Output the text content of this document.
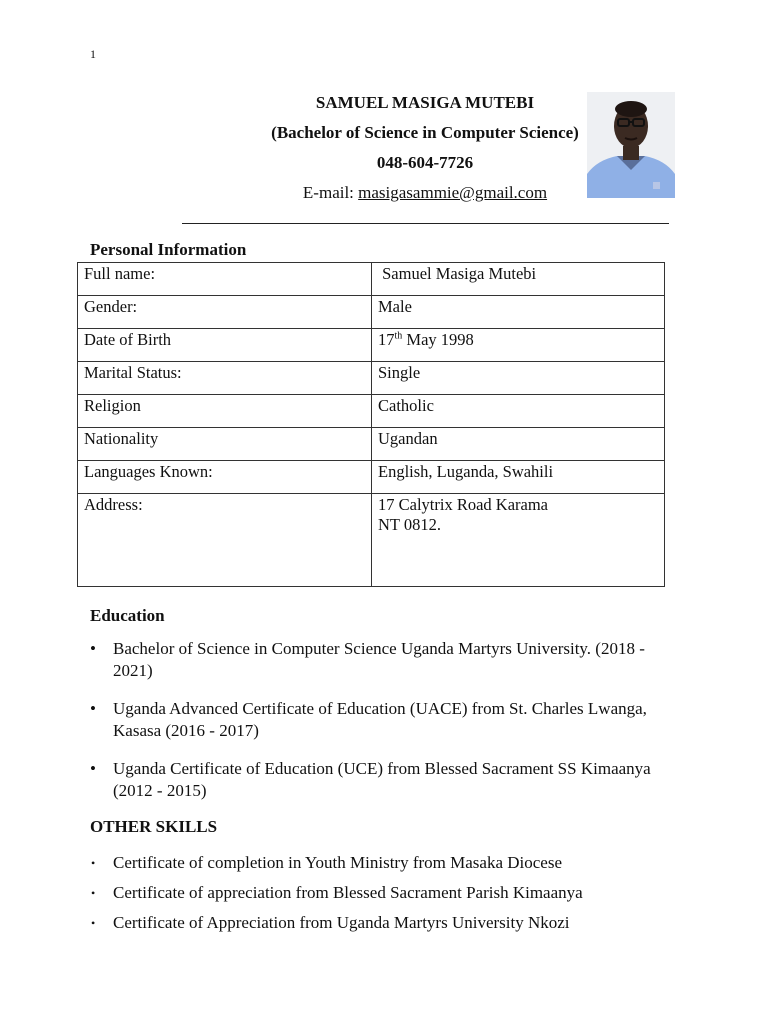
1
SAMUEL MASIGA MUTEBI
(Bachelor of Science in Computer Science)
048-604-7726
E-mail: masigasammie@gmail.com
Personal Information
Full name:	Samuel Masiga Mutebi
Gender:	Male
Date of Birth	17th May 1998
Marital Status:	Single
Religion	Catholic
Nationality	Ugandan
Languages Known:	English, Luganda, Swahili
Address:	17 Calytrix Road Karama
NT 0812.
Education
• Bachelor of Science in Computer Science Uganda Martyrs University. (2018 -
2021)
• Uganda Advanced Certificate of Education (UACE) from St. Charles Lwanga,
Kasasa (2016 - 2017)
• Uganda Certificate of Education (UCE) from Blessed Sacrament SS Kimaanya
(2012 - 2015)
OTHER SKILLS
• Certificate of completion in Youth Ministry from Masaka Diocese
• Certificate of appreciation from Blessed Sacrament Parish Kimaanya
• Certificate of Appreciation from Uganda Martyrs University Nkozi
